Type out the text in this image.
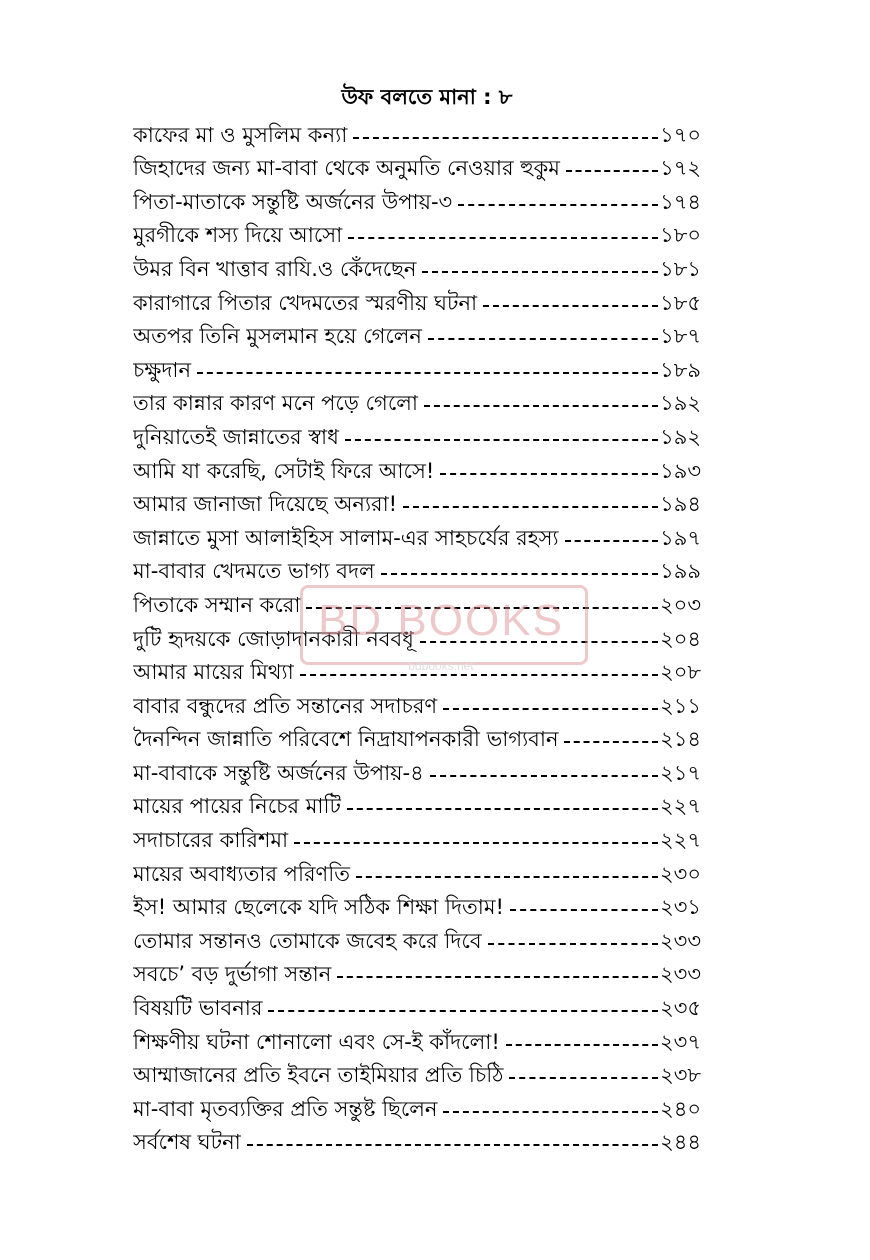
উফ বলতে মানা : ৮
কাফের মা ও মুসলিম কন্যা	১৭০
জিহাদের জন্য মা-বাবা থেকে অনুমতি নেওয়ার হুকুম	১৭২
পিতা-মাতাকে সন্তুষ্টি অর্জনের উপায়-৩	১৭৪
মুরগীকে শস্য দিয়ে আসো	১৮০
উমর বিন খাত্তাব রাযি.ও কেঁদেছেন	১৮১
কারাগারে পিতার খেদমতের স্মরণীয় ঘটনা	১৮৫
অতপর তিনি মুসলমান হয়ে গেলেন	১৮৭
চক্ষুদান	১৮৯
তার কান্নার কারণ মনে পড়ে গেলো	১৯২
দুনিয়াতেই জান্নাতের স্বাধ	১৯২
আমি যা করেছি, সেটাই ফিরে আসে!	১৯৩
আমার জানাজা দিয়েছে অন্যরা!	১৯৪
জান্নাতে মুসা আলাইহিস সালাম-এর সাহচর্যের রহস্য	১৯৭
মা-বাবার খেদমতে ভাগ্য বদল	১৯৯
পিতাকে সম্মান করো	২০৩
দুটি হৃদয়কে জোড়াদানকারী নববধূ	২০৪
আমার মায়ের মিথ্যা	২০৮
বাবার বন্ধুদের প্রতি সন্তানের সদাচরণ	২১১
দৈনন্দিন জান্নাতি পরিবেশে নিদ্রাযাপনকারী ভাগ্যবান	২১৪
মা-বাবাকে সন্তুষ্টি অর্জনের উপায়-৪	২১৭
মায়ের পায়ের নিচের মাটি	২২৭
সদাচারের কারিশমা	২২৭
মায়ের অবাধ্যতার পরিণতি	২৩০
ইস! আমার ছেলেকে যদি সঠিক শিক্ষা দিতাম!	২৩১
তোমার সন্তানও তোমাকে জবেহ করে দিবে	২৩৩
সবচে’ বড় দুর্ভাগা সন্তান	২৩৩
বিষয়টি ভাবনার	২৩৫
শিক্ষণীয় ঘটনা শোনালো এবং সে-ই কাঁদলো!	২৩৭
আম্মাজানের প্রতি ইবনে তাইমিয়ার প্রতি চিঠি	২৩৮
মা-বাবা মৃতব্যক্তির প্রতি সন্তুষ্ট ছিলেন	২৪০
সর্বশেষ ঘটনা	২৪৪
BD BOOKS
bdbooks.net
